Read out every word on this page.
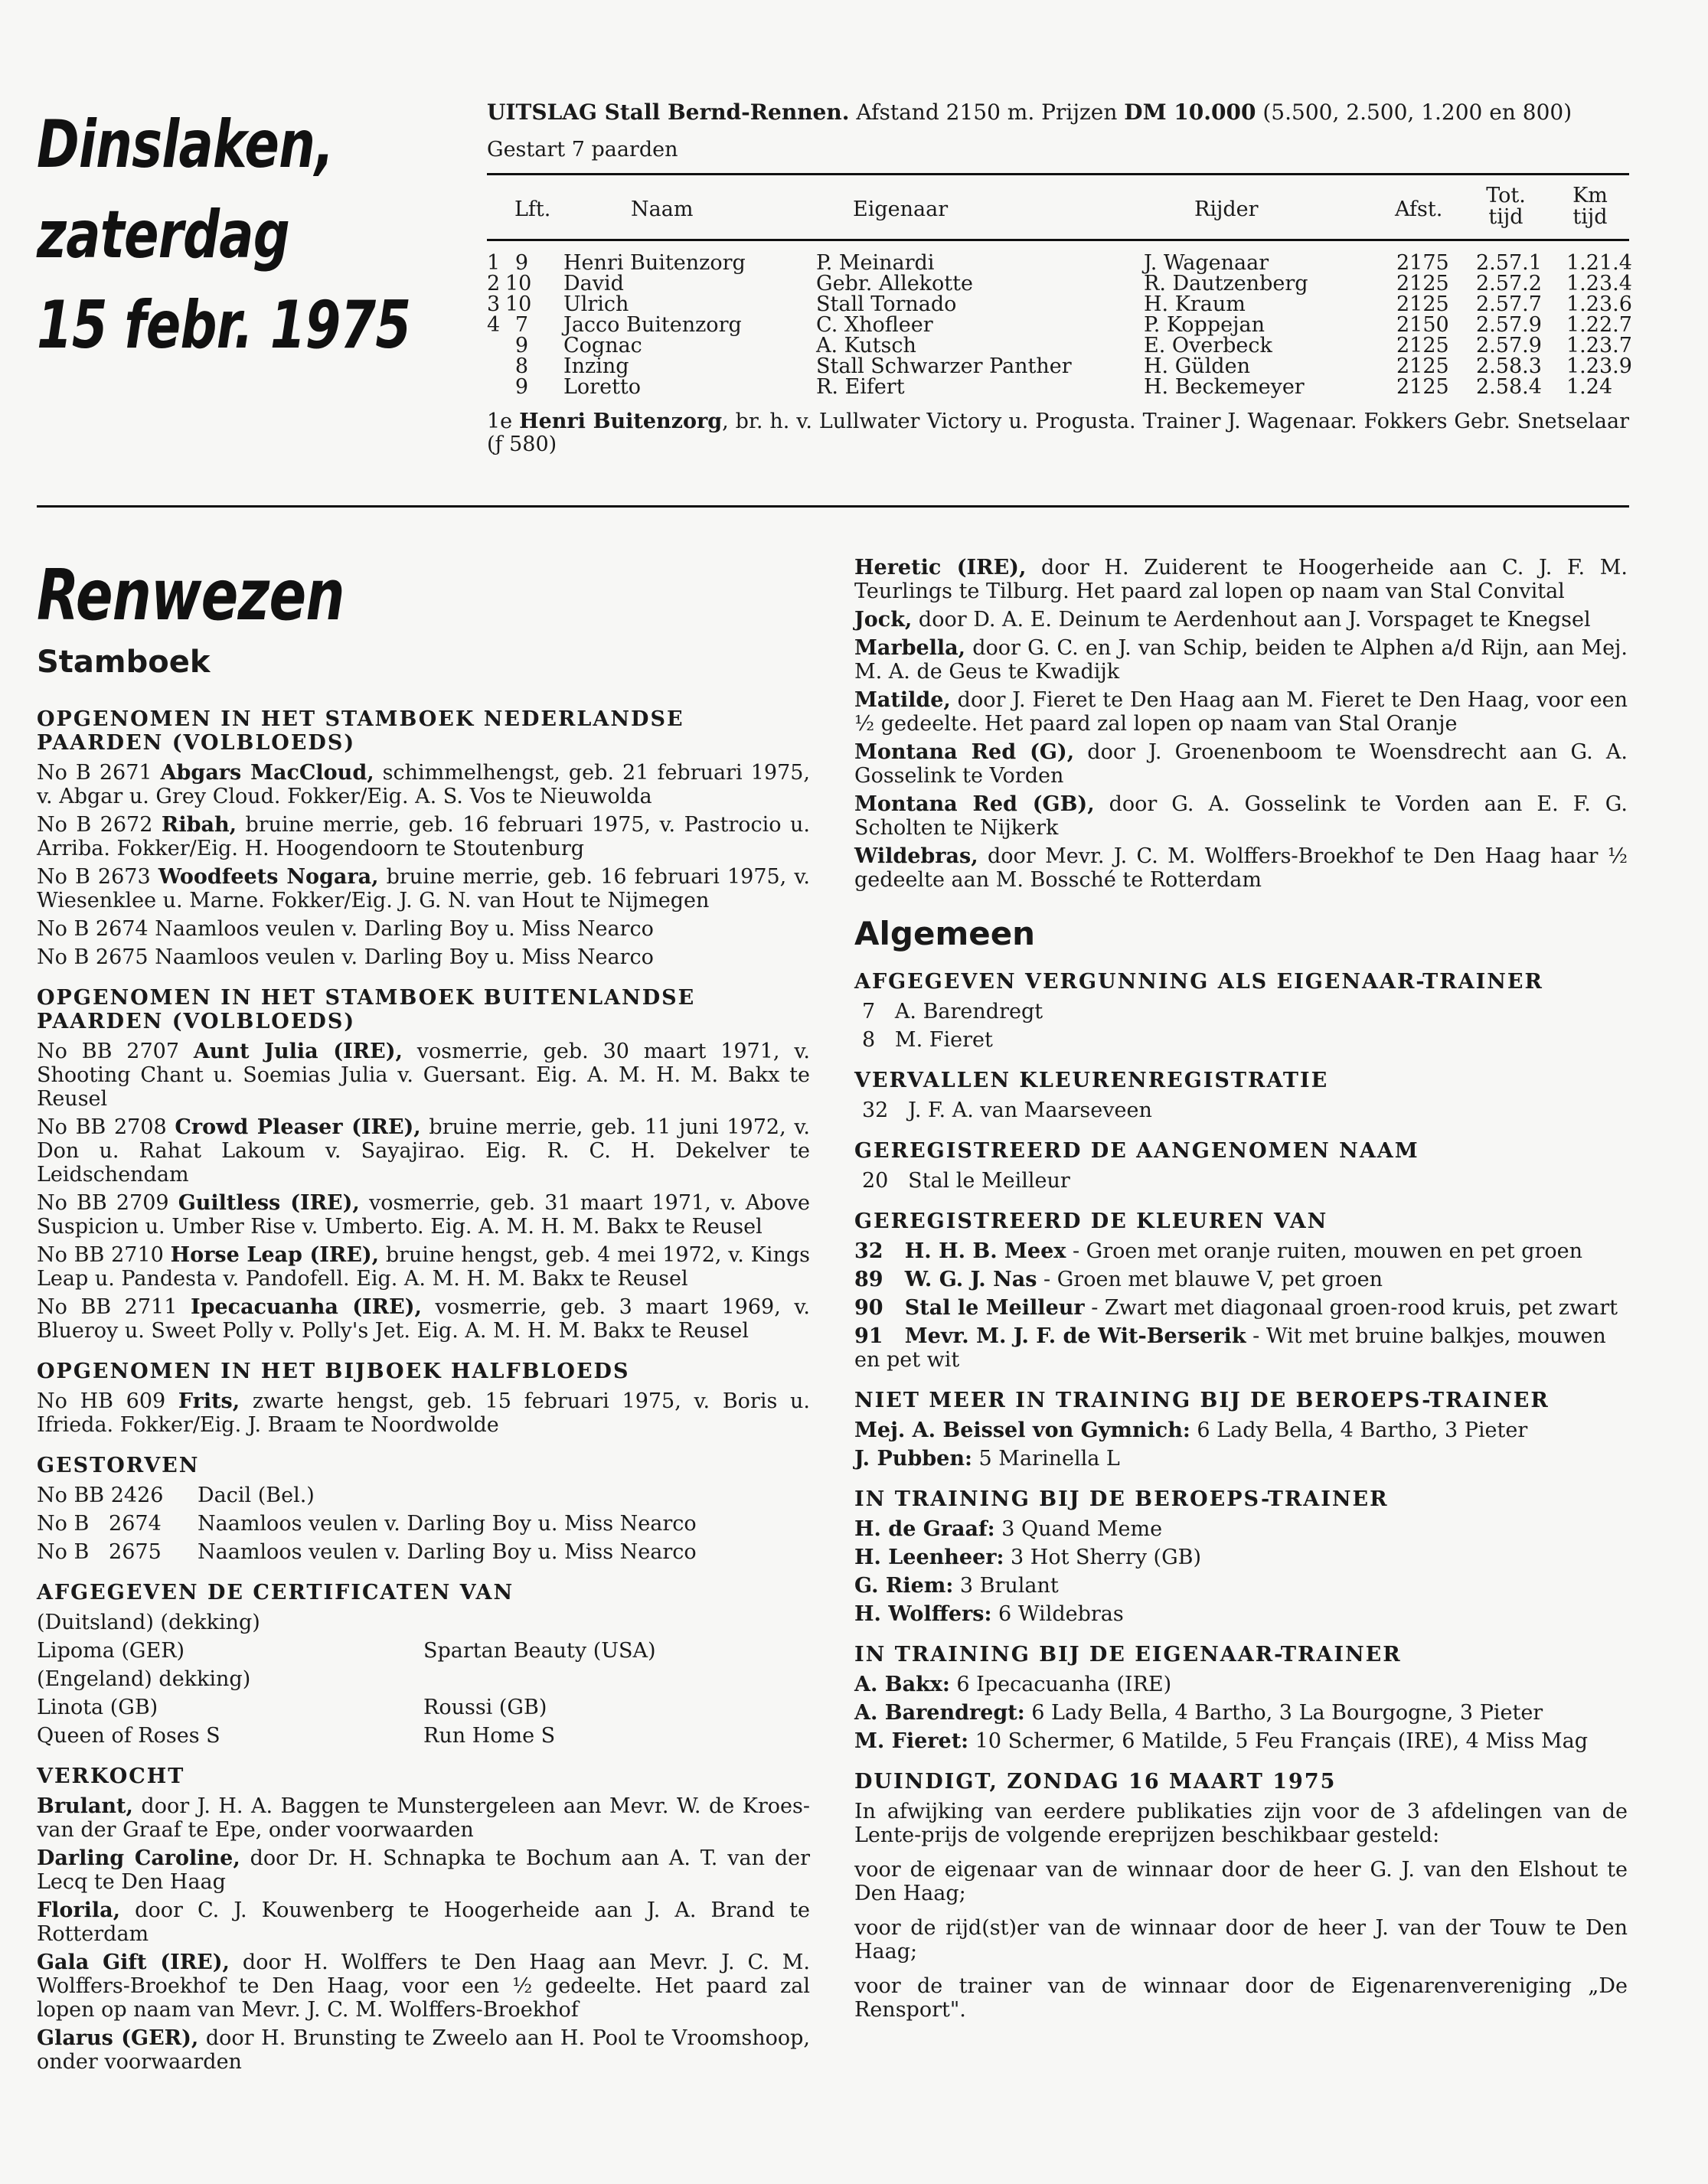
Dinslaken,
zaterdag
15 febr. 1975
UITSLAG Stall Bernd-Rennen. Afstand 2150 m. Prijzen DM 10.000 (5.500, 2.500, 1.200 en 800)
Gestart 7 paarden
Lft.	Naam	Eigenaar	Rijder	Afst.
Tot. tijd
Km tijd
1 9 Henri Buitenzorg	P. Meinardi	J. Wagenaar	2175 2.57.1 1.21.4
2 10 David	Gebr. Allekotte	R. Dautzenberg	2125 2.57.2 1.23.4
3 10 Ulrich	Stall Tornado	H. Kraum	2125 2.57.7 1.23.6
4 7 Jacco Buitenzorg	C. Xhofleer	P. Koppejan	2150 2.57.9 1.22.7
9 Cognac	A. Kutsch	E. Overbeck	2125 2.57.9 1.23.7
8 Inzing	Stall Schwarzer Panther	H. Gülden	2125 2.58.3 1.23.9
9 Loretto	R. Eifert	H. Beckemeyer	2125 2.58.4 1.24
1e Henri Buitenzorg, br. h. v. Lullwater Victory u. Progusta. Trainer J. Wagenaar. Fokkers Gebr. Snetselaar (ƒ 580)
Renwezen
Stamboek

OPGENOMEN IN HET STAMBOEK NEDERLANDSE PAARDEN (VOLBLOEDS)

No B 2671 Abgars MacCloud, schimmelhengst, geb. 21 februari 1975, v. Abgar u. Grey Cloud. Fokker/Eig. A. S. Vos te Nieuwolda

No B 2672 Ribah, bruine merrie, geb. 16 februari 1975, v. Pastrocio u. Arriba. Fokker/Eig. H. Hoogendoorn te Stoutenburg

No B 2673 Woodfeets Nogara, bruine merrie, geb. 16 februari 1975, v. Wiesenklee u. Marne. Fokker/Eig. J. G. N. van Hout te Nijmegen

No B 2674 Naamloos veulen v. Darling Boy u. Miss Nearco

No B 2675 Naamloos veulen v. Darling Boy u. Miss Nearco

OPGENOMEN IN HET STAMBOEK BUITENLANDSE PAARDEN (VOLBLOEDS)

No BB 2707 Aunt Julia (IRE), vosmerrie, geb. 30 maart 1971, v. Shooting Chant u. Soemias Julia v. Guersant. Eig. A. M. H. M. Bakx te Reusel

No BB 2708 Crowd Pleaser (IRE), bruine merrie, geb. 11 juni 1972, v. Don u. Rahat Lakoum v. Sayajirao. Eig. R. C. H. Dekelver te Leidschendam

No BB 2709 Guiltless (IRE), vosmerrie, geb. 31 maart 1971, v. Above Suspicion u. Umber Rise v. Umberto. Eig. A. M. H. M. Bakx te Reusel

No BB 2710 Horse Leap (IRE), bruine hengst, geb. 4 mei 1972, v. Kings Leap u. Pandesta v. Pandofell. Eig. A. M. H. M. Bakx te Reusel

No BB 2711 Ipecacuanha (IRE), vosmerrie, geb. 3 maart 1969, v. Blueroy u. Sweet Polly v. Polly's Jet. Eig. A. M. H. M. Bakx te Reusel

OPGENOMEN IN HET BIJBOEK HALFBLOEDS

No HB 609 Frits, zwarte hengst, geb. 15 februari 1975, v. Boris u. Ifrieda. Fokker/Eig. J. Braam te Noordwolde

GESTORVEN

No BB 2426 Dacil (Bel.)

No B   2674 Naamloos veulen v. Darling Boy u. Miss Nearco

No B   2675 Naamloos veulen v. Darling Boy u. Miss Nearco

AFGEGEVEN DE CERTIFICATEN VAN

(Duitsland) (dekking)

Lipoma (GER)	Spartan Beauty (USA)

(Engeland) dekking)

Linota (GB)	Roussi (GB)

Queen of Roses S	Run Home S

VERKOCHT

Brulant, door J. H. A. Baggen te Munstergeleen aan Mevr. W. de Kroes-van der Graaf te Epe, onder voorwaarden

Darling Caroline, door Dr. H. Schnapka te Bochum aan A. T. van der Lecq te Den Haag

Florila, door C. J. Kouwenberg te Hoogerheide aan J. A. Brand te Rotterdam

Gala Gift (IRE), door H. Wolffers te Den Haag aan Mevr. J. C. M. Wolffers-Broekhof te Den Haag, voor een ½ gedeelte. Het paard zal lopen op naam van Mevr. J. C. M. Wolffers-Broekhof

Glarus (GER), door H. Brunsting te Zweelo aan H. Pool te Vroomshoop, onder voorwaarden

Heretic (IRE), door H. Zuiderent te Hoogerheide aan C. J. F. M. Teurlings te Tilburg. Het paard zal lopen op naam van Stal Convital

Jock, door D. A. E. Deinum te Aerdenhout aan J. Vorspaget te Knegsel

Marbella, door G. C. en J. van Schip, beiden te Alphen a/d Rijn, aan Mej. M. A. de Geus te Kwadijk

Matilde, door J. Fieret te Den Haag aan M. Fieret te Den Haag, voor een ½ gedeelte. Het paard zal lopen op naam van Stal Oranje

Montana Red (G), door J. Groenenboom te Woensdrecht aan G. A. Gosselink te Vorden

Montana Red (GB), door G. A. Gosselink te Vorden aan E. F. G. Scholten te Nijkerk

Wildebras, door Mevr. J. C. M. Wolffers-Broekhof te Den Haag haar ½ gedeelte aan M. Bossché te Rotterdam

Algemeen

AFGEGEVEN VERGUNNING ALS EIGENAAR-TRAINER

7   A. Barendregt

8   M. Fieret

VERVALLEN KLEURENREGISTRATIE

32   J. F. A. van Maarseveen

GEREGISTREERD DE AANGENOMEN NAAM

20   Stal le Meilleur

GEREGISTREERD DE KLEUREN VAN

32   H. H. B. Meex - Groen met oranje ruiten, mouwen en pet groen

89   W. G. J. Nas - Groen met blauwe V, pet groen

90   Stal le Meilleur - Zwart met diagonaal groen-rood kruis, pet zwart

91   Mevr. M. J. F. de Wit-Berserik - Wit met bruine balkjes, mouwen en pet wit

NIET MEER IN TRAINING BIJ DE BEROEPS-TRAINER

Mej. A. Beissel von Gymnich: 6 Lady Bella, 4 Bartho, 3 Pieter

J. Pubben: 5 Marinella L

IN TRAINING BIJ DE BEROEPS-TRAINER

H. de Graaf: 3 Quand Meme

H. Leenheer: 3 Hot Sherry (GB)

G. Riem: 3 Brulant

H. Wolffers: 6 Wildebras

IN TRAINING BIJ DE EIGENAAR-TRAINER

A. Bakx: 6 Ipecacuanha (IRE)

A. Barendregt: 6 Lady Bella, 4 Bartho, 3 La Bourgogne, 3 Pieter

M. Fieret: 10 Schermer, 6 Matilde, 5 Feu Français (IRE), 4 Miss Mag

DUINDIGT, ZONDAG 16 MAART 1975

In afwijking van eerdere publikaties zijn voor de 3 afdelingen van de Lente-prijs de volgende ereprijzen beschikbaar gesteld:

voor de eigenaar van de winnaar door de heer G. J. van den Elshout te Den Haag;

voor de rijd(st)er van de winnaar door de heer J. van der Touw te Den Haag;

voor de trainer van de winnaar door de Eigenarenvereniging „De Rensport".
